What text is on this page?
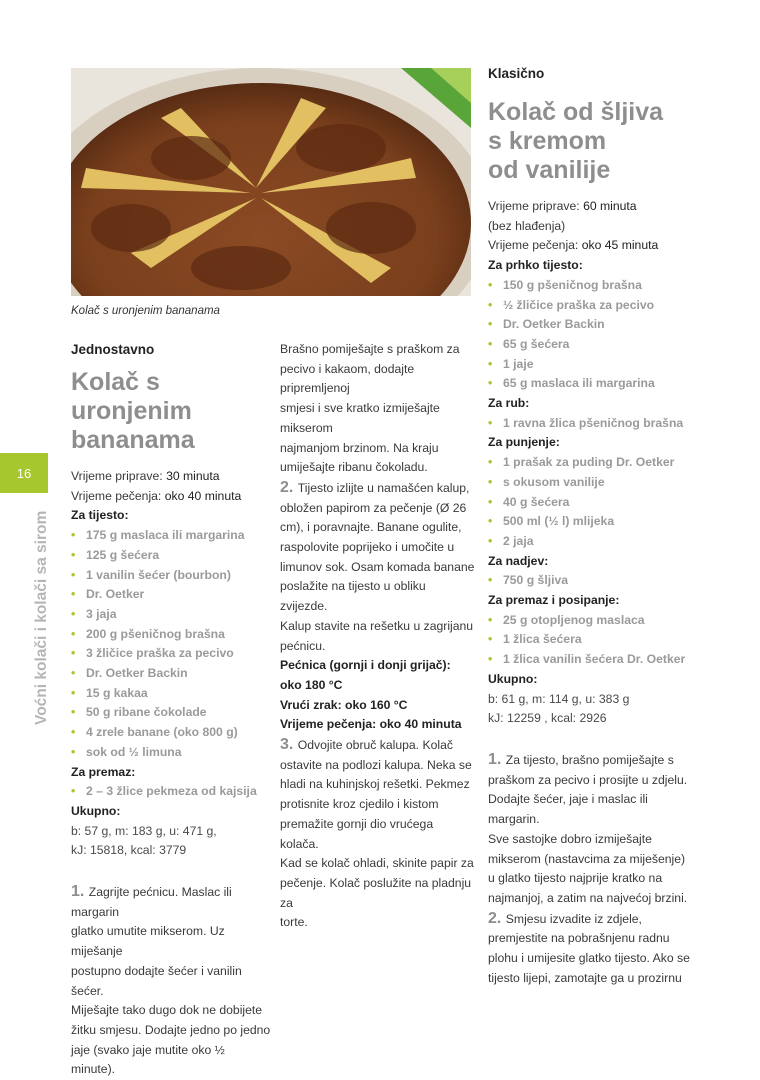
Kolač s uronjenim bananama
16
Voćni kolači i kolači sa sirom
Jednostavno
Kolač s uronjenim
bananama
Vrijeme priprave: 30 minuta
Vrijeme pečenja: oko 40 minuta
Za tijesto:
• 175 g maslaca ili margarina
• 125 g šećera
• 1 vanilin šećer (bourbon)
• Dr. Oetker
• 3 jaja
• 200 g pšeničnog brašna
• 3 žličice praška za pecivo
• Dr. Oetker Backin
• 15 g kakaa
• 50 g ribane čokolade
• 4 zrele banane (oko 800 g)
• sok od ½ limuna
Za premaz:
• 2 – 3 žlice pekmeza od kajsija
Ukupno:
b: 57 g, m: 183 g, u: 471 g,
kJ: 15818, kcal: 3779
1. Zagrijte pećnicu. Maslac ili margarin
glatko umutite mikserom. Uz miješanje
postupno dodajte šećer i vanilin šećer.
Miješajte tako dugo dok ne dobijete
žitku smjesu. Dodajte jedno po jedno
jaje (svako jaje mutite oko ½ minute).
Brašno pomiješajte s praškom za
pecivo i kakaom, dodajte pripremljenoj
smjesi i sve kratko izmiješajte mikserom
najmanjom brzinom. Na kraju
umiješajte ribanu čokoladu.
2. Tijesto izlijte u namašćen kalup,
obložen papirom za pečenje (Ø 26
cm), i poravnajte. Banane ogulite,
raspolovite poprijeko i umočite u
limunov sok. Osam komada banane
poslažite na tijesto u obliku zvijezde.
Kalup stavite na rešetku u zagrijanu
pećnicu.
Pećnica (gornji i donji grijač):
oko 180 °C
Vrući zrak: oko 160 °C
Vrijeme pečenja: oko 40 minuta
3. Odvojite obruč kalupa. Kolač
ostavite na podlozi kalupa. Neka se
hladi na kuhinjskoj rešetki. Pekmez
protisnite kroz cjedilo i kistom
premažite gornji dio vrućega kolača.
Kad se kolač ohladi, skinite papir za
pečenje. Kolač poslužite na pladnju za
torte.
Klasično
Kolač od šljiva
s kremom
od vanilije
Vrijeme priprave: 60 minuta
(bez hlađenja)
Vrijeme pečenja: oko 45 minuta
Za prhko tijesto:
• 150 g pšeničnog brašna
• ½ žličice praška za pecivo
• Dr. Oetker Backin
• 65 g šećera
• 1 jaje
• 65 g maslaca ili margarina
Za rub:
• 1 ravna žlica pšeničnog brašna
Za punjenje:
• 1 prašak za puding Dr. Oetker
• s okusom vanilije
• 40 g šećera
• 500 ml (½ l) mlijeka
• 2 jaja
Za nadjev:
• 750 g šljiva
Za premaz i posipanje:
• 25 g otopljenog maslaca
• 1 žlica šećera
• 1 žlica vanilin šećera Dr. Oetker
Ukupno:
b: 61 g, m: 114 g, u: 383 g
kJ: 12259 , kcal: 2926
1. Za tijesto, brašno pomiješajte s
praškom za pecivo i prosijte u zdjelu.
Dodajte šećer, jaje i maslac ili margarin.
Sve sastojke dobro izmiješajte
mikserom (nastavcima za miješenje)
u glatko tijesto najprije kratko na
najmanjoj, a zatim na najvećoj brzini.
2. Smjesu izvadite iz zdjele,
premjestite na pobrašnjenu radnu
plohu i umijesite glatko tijesto. Ako se
tijesto lijepi, zamotajte ga u prozirnu
